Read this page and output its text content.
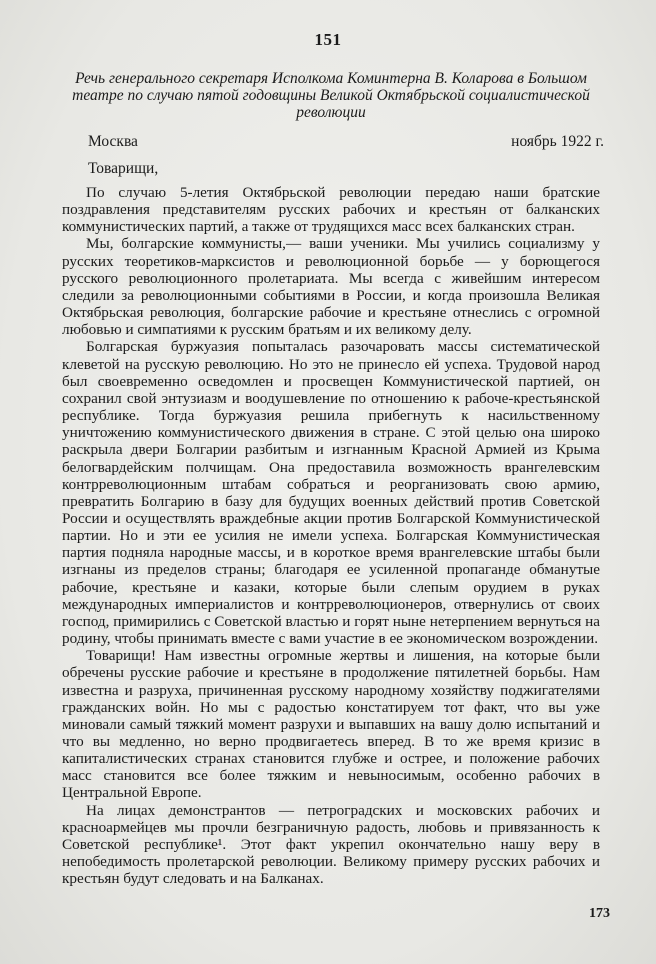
151
Речь генерального секретаря Исполкома Коминтерна В. Коларова в Большом театре по случаю пятой годовщины Великой Октябрьской социалистической революции
Москва	ноябрь 1922 г.
Товарищи,

По случаю 5-летия Октябрьской революции передаю наши братские поздравления представителям русских рабочих и крестьян от балканских коммунистических партий, а также от трудящихся масс всех балканских стран.

Мы, болгарские коммунисты,— ваши ученики. Мы учились социализму у русских теоретиков-марксистов и революционной борьбе — у борющегося русского революционного пролетариата. Мы всегда с живейшим интересом следили за революционными событиями в России, и когда произошла Великая Октябрьская революция, болгарские рабочие и крестьяне отнеслись с огромной любовью и симпатиями к русским братьям и их великому делу.

Болгарская буржуазия попыталась разочаровать массы систематической клеветой на русскую революцию. Но это не принесло ей успеха. Трудовой народ был своевременно осведомлен и просвещен Коммунистической партией, он сохранил свой энтузиазм и воодушевление по отношению к рабоче-крестьянской республике. Тогда буржуазия решила прибегнуть к насильственному уничтожению коммунистического движения в стране. С этой целью она широко раскрыла двери Болгарии разбитым и изгнанным Красной Армией из Крыма белогвардейским полчищам. Она предоставила возможность врангелевским контрреволюционным штабам собраться и реорганизовать свою армию, превратить Болгарию в базу для будущих военных действий против Советской России и осуществлять враждебные акции против Болгарской Коммунистической партии. Но и эти ее усилия не имели успеха. Болгарская Коммунистическая партия подняла народные массы, и в короткое время врангелевские штабы были изгнаны из пределов страны; благодаря ее усиленной пропаганде обманутые рабочие, крестьяне и казаки, которые были слепым орудием в руках международных империалистов и контрреволюционеров, отвернулись от своих господ, примирились с Советской властью и горят ныне нетерпением вернуться на родину, чтобы принимать вместе с вами участие в ее экономическом возрождении.

Товарищи! Нам известны огромные жертвы и лишения, на которые были обречены русские рабочие и крестьяне в продолжение пятилетней борьбы. Нам известна и разруха, причиненная русскому народному хозяйству поджигателями гражданских войн. Но мы с радостью констатируем тот факт, что вы уже миновали самый тяжкий момент разрухи и выпавших на вашу долю испытаний и что вы медленно, но верно продвигаетесь вперед. В то же время кризис в капиталистических странах становится глубже и острее, и положение рабочих масс становится все более тяжким и невыносимым, особенно рабочих в Центральной Европе.

На лицах демонстрантов — петроградских и московских рабочих и красноармейцев мы прочли безграничную радость, любовь и привязанность к Советской республике¹. Этот факт укрепил окончательно нашу веру в непобедимость пролетарской революции. Великому примеру русских рабочих и крестьян будут следовать и на Балканах.

173
